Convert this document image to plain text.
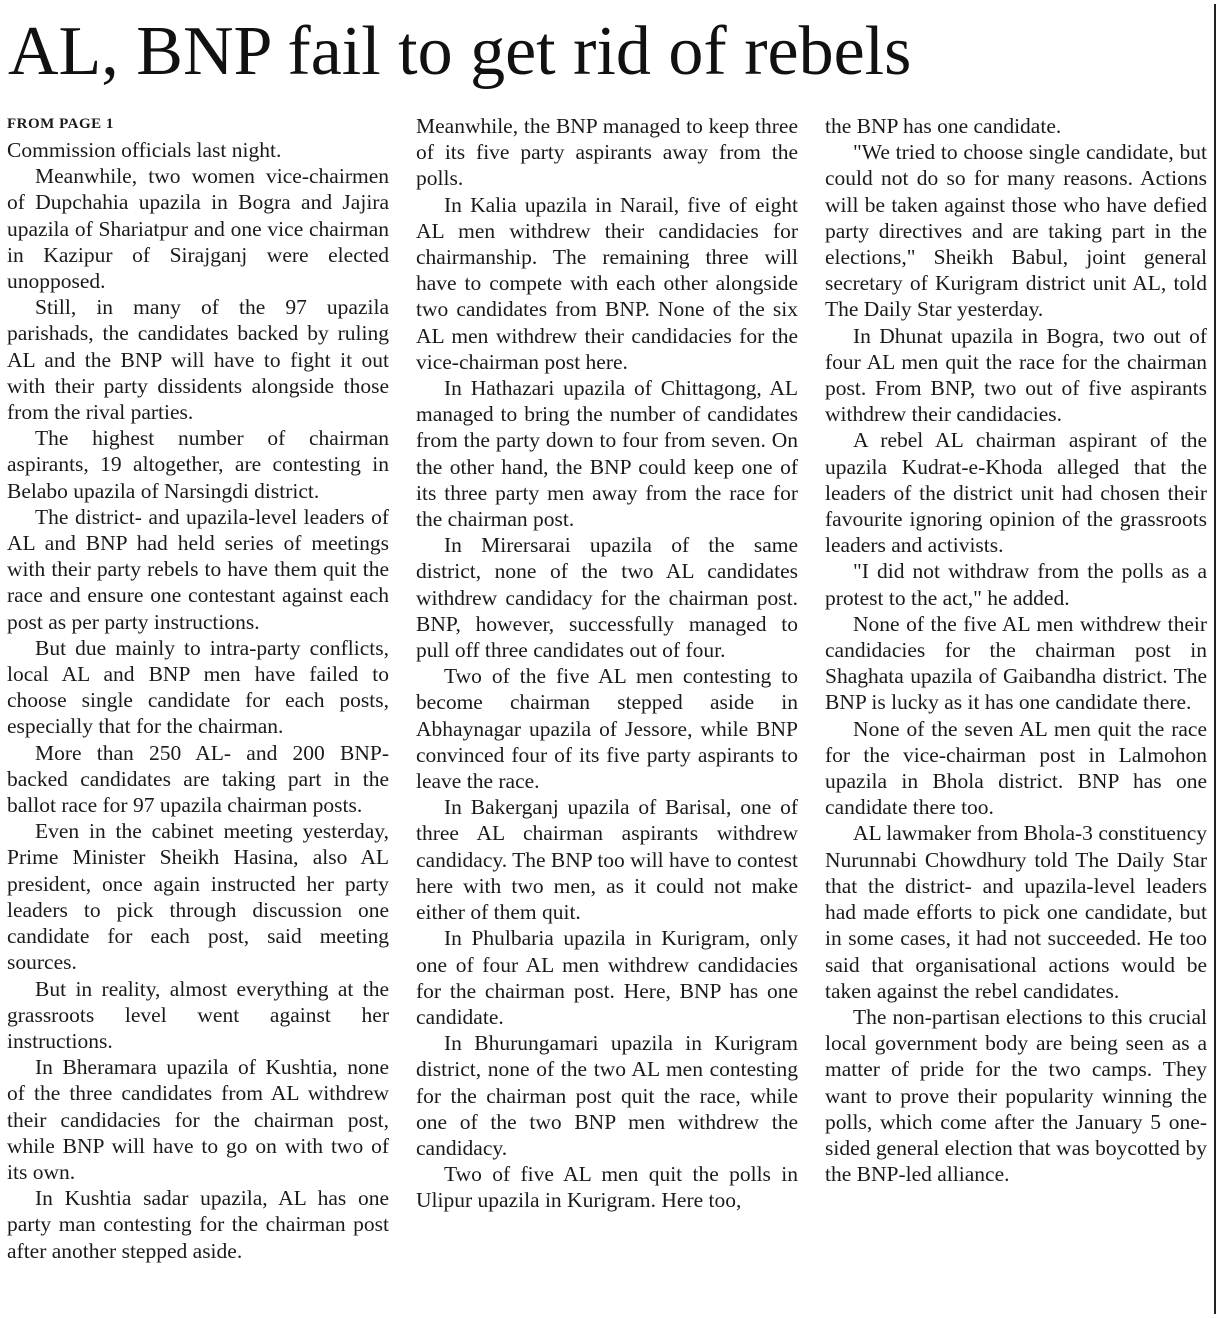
AL, BNP fail to get rid of rebels
FROM PAGE 1

Commission officials last night.

Meanwhile, two women vice-chairmen of Dupchahia upazila in Bogra and Jajira upazila of Shariatpur and one vice chairman in Kazipur of Sirajganj were elected unopposed.

Still, in many of the 97 upazila parishads, the candidates backed by ruling AL and the BNP will have to fight it out with their party dissidents alongside those from the rival parties.

The highest number of chairman aspirants, 19 altogether, are contesting in Belabo upazila of Narsingdi district.

The district- and upazila-level leaders of AL and BNP had held series of meetings with their party rebels to have them quit the race and ensure one contestant against each post as per party instructions.

But due mainly to intra-party conflicts, local AL and BNP men have failed to choose single candidate for each posts, especially that for the chairman.

More than 250 AL- and 200 BNP-backed candidates are taking part in the ballot race for 97 upazila chairman posts.

Even in the cabinet meeting yesterday, Prime Minister Sheikh Hasina, also AL president, once again instructed her party leaders to pick through discussion one candidate for each post, said meeting sources.

But in reality, almost everything at the grassroots level went against her instructions.

In Bheramara upazila of Kushtia, none of the three candidates from AL withdrew their candidacies for the chairman post, while BNP will have to go on with two of its own.

In Kushtia sadar upazila, AL has one party man contesting for the chairman post after another stepped aside.

Meanwhile, the BNP managed to keep three of its five party aspirants away from the polls.

In Kalia upazila in Narail, five of eight AL men withdrew their candidacies for chairmanship. The remaining three will have to compete with each other alongside two candidates from BNP. None of the six AL men withdrew their candidacies for the vice-chairman post here.

In Hathazari upazila of Chittagong, AL managed to bring the number of candidates from the party down to four from seven. On the other hand, the BNP could keep one of its three party men away from the race for the chairman post.

In Mirersarai upazila of the same district, none of the two AL candidates withdrew candidacy for the chairman post. BNP, however, successfully managed to pull off three candidates out of four.

Two of the five AL men contesting to become chairman stepped aside in Abhaynagar upazila of Jessore, while BNP convinced four of its five party aspirants to leave the race.

In Bakerganj upazila of Barisal, one of three AL chairman aspirants withdrew candidacy. The BNP too will have to contest here with two men, as it could not make either of them quit.

In Phulbaria upazila in Kurigram, only one of four AL men withdrew candidacies for the chairman post. Here, BNP has one candidate.

In Bhurungamari upazila in Kurigram district, none of the two AL men contesting for the chairman post quit the race, while one of the two BNP men withdrew the candidacy.

Two of five AL men quit the polls in Ulipur upazila in Kurigram. Here too,

the BNP has one candidate.

"We tried to choose single candidate, but could not do so for many reasons. Actions will be taken against those who have defied party directives and are taking part in the elections," Sheikh Babul, joint general secretary of Kurigram district unit AL, told The Daily Star yesterday.

In Dhunat upazila in Bogra, two out of four AL men quit the race for the chairman post. From BNP, two out of five aspirants withdrew their candidacies.

A rebel AL chairman aspirant of the upazila Kudrat-e-Khoda alleged that the leaders of the district unit had chosen their favourite ignoring opinion of the grassroots leaders and activists.

"I did not withdraw from the polls as a protest to the act," he added.

None of the five AL men withdrew their candidacies for the chairman post in Shaghata upazila of Gaibandha district. The BNP is lucky as it has one candidate there.

None of the seven AL men quit the race for the vice-chairman post in Lalmohon upazila in Bhola district. BNP has one candidate there too.

AL lawmaker from Bhola-3 constituency Nurunnabi Chowdhury told The Daily Star that the district- and upazila-level leaders had made efforts to pick one candidate, but in some cases, it had not succeeded. He too said that organisational actions would be taken against the rebel candidates.

The non-partisan elections to this crucial local government body are being seen as a matter of pride for the two camps. They want to prove their popularity winning the polls, which come after the January 5 one-sided general election that was boycotted by the BNP-led alliance.
